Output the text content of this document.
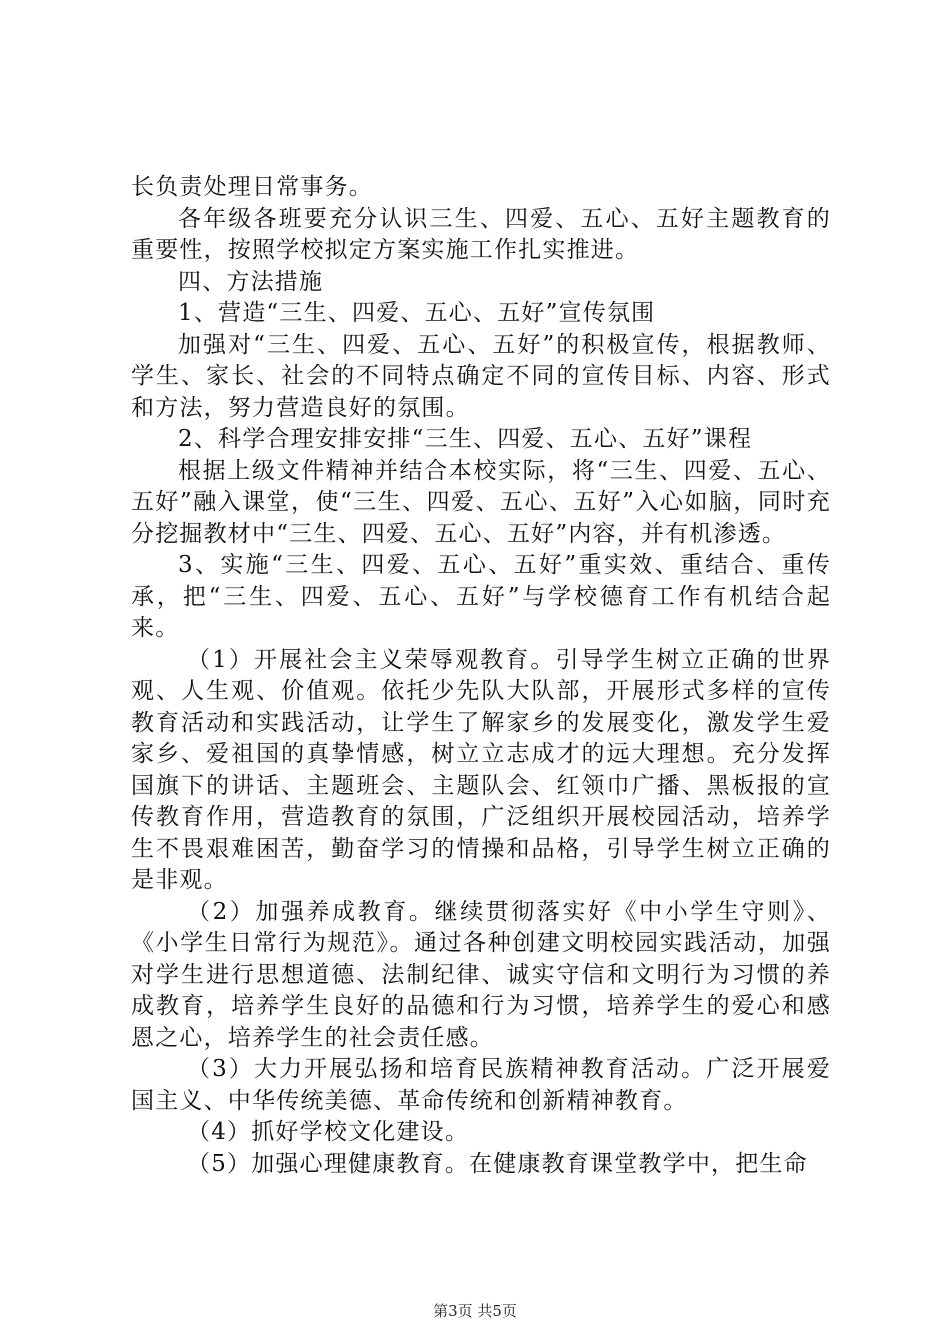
长负责处理日常事务。

各年级各班要充分认识三生、四爱、五心、五好主题教育的重要性，按照学校拟定方案实施工作扎实推进。

四、方法措施

1、营造“三生、四爱、五心、五好”宣传氛围

加强对“三生、四爱、五心、五好”的积极宣传，根据教师、学生、家长、社会的不同特点确定不同的宣传目标、内容、形式和方法，努力营造良好的氛围。

2、科学合理安排安排“三生、四爱、五心、五好”课程

根据上级文件精神并结合本校实际，将“三生、四爱、五心、五好”融入课堂，使“三生、四爱、五心、五好”入心如脑，同时充分挖掘教材中“三生、四爱、五心、五好”内容，并有机渗透。

3、实施“三生、四爱、五心、五好”重实效、重结合、重传承，把“三生、四爱、五心、五好”与学校德育工作有机结合起来。

（1）开展社会主义荣辱观教育。引导学生树立正确的世界观、人生观、价值观。依托少先队大队部，开展形式多样的宣传教育活动和实践活动，让学生了解家乡的发展变化，激发学生爱家乡、爱祖国的真挚情感，树立立志成才的远大理想。充分发挥国旗下的讲话、主题班会、主题队会、红领巾广播、黑板报的宣传教育作用，营造教育的氛围，广泛组织开展校园活动，培养学生不畏艰难困苦，勤奋学习的情操和品格，引导学生树立正确的是非观。

（2）加强养成教育。继续贯彻落实好《中小学生守则》、《小学生日常行为规范》。通过各种创建文明校园实践活动，加强对学生进行思想道德、法制纪律、诚实守信和文明行为习惯的养成教育，培养学生良好的品德和行为习惯，培养学生的爱心和感恩之心，培养学生的社会责任感。

（3）大力开展弘扬和培育民族精神教育活动。广泛开展爱国主义、中华传统美德、革命传统和创新精神教育。

（4）抓好学校文化建设。

（5）加强心理健康教育。在健康教育课堂教学中，把生命

第3页 共5页
